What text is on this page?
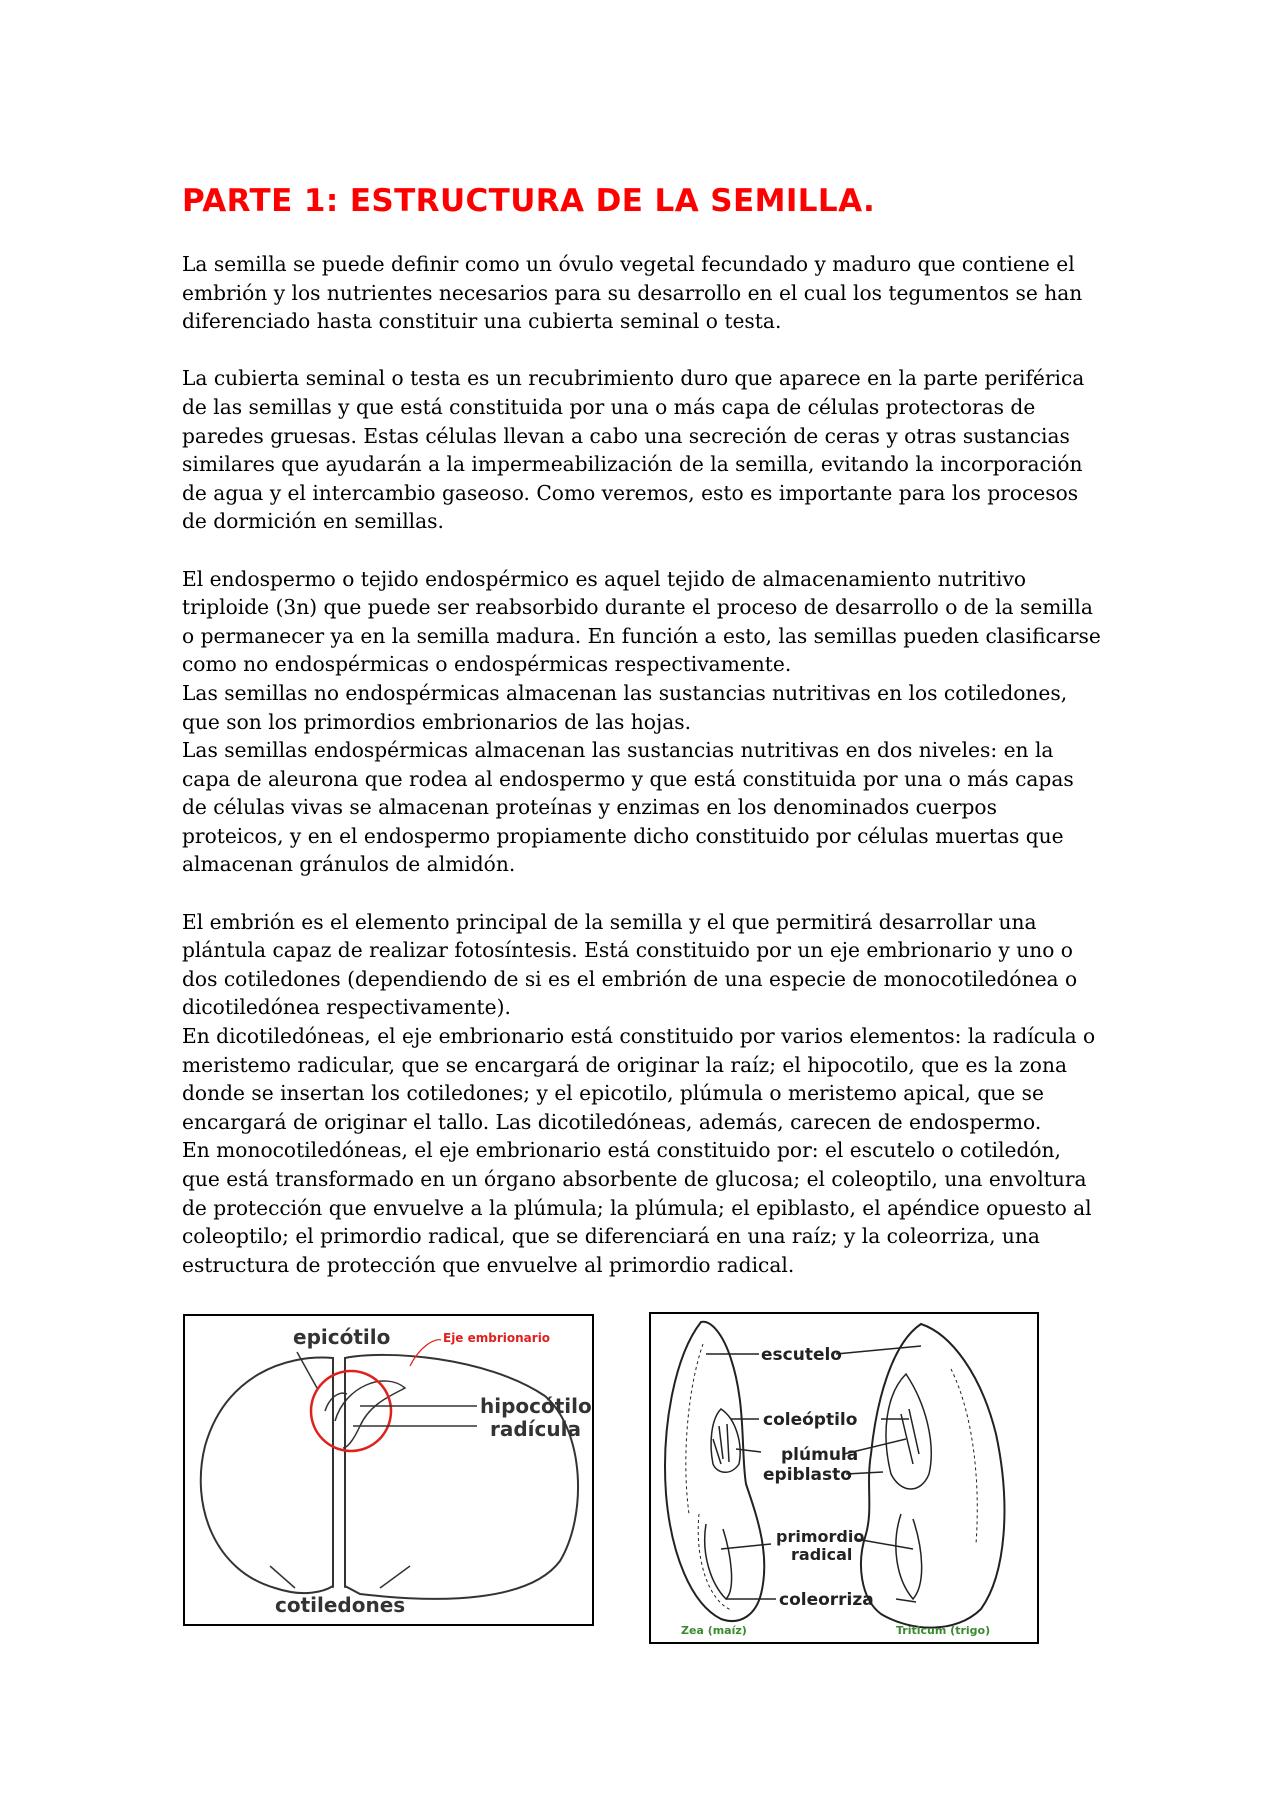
PARTE 1: ESTRUCTURA DE LA SEMILLA.

La semilla se puede definir como un óvulo vegetal fecundado y maduro que contiene el embrión y los nutrientes necesarios para su desarrollo en el cual los tegumentos se han diferenciado hasta constituir una cubierta seminal o testa.

La cubierta seminal o testa es un recubrimiento duro que aparece en la parte periférica de las semillas y que está constituida por una o más capa de células protectoras de paredes gruesas. Estas células llevan a cabo una secreción de ceras y otras sustancias similares que ayudarán a la impermeabilización de la semilla, evitando la incorporación de agua y el intercambio gaseoso. Como veremos, esto es importante para los procesos de dormición en semillas.

El endospermo o tejido endospérmico es aquel tejido de almacenamiento nutritivo triploide (3n) que puede ser reabsorbido durante el proceso de desarrollo o de la semilla o permanecer ya en la semilla madura. En función a esto, las semillas pueden clasificarse como no endospérmicas o endospérmicas respectivamente.

Las semillas no endospérmicas almacenan las sustancias nutritivas en los cotiledones, que son los primordios embrionarios de las hojas.

Las semillas endospérmicas almacenan las sustancias nutritivas en dos niveles: en la capa de aleurona que rodea al endospermo y que está constituida por una o más capas de células vivas se almacenan proteínas y enzimas en los denominados cuerpos proteicos, y en el endospermo propiamente dicho constituido por células muertas que almacenan gránulos de almidón.

El embrión es el elemento principal de la semilla y el que permitirá desarrollar una plántula capaz de realizar fotosíntesis. Está constituido por un eje embrionario y uno o dos cotiledones (dependiendo de si es el embrión de una especie de monocotiledónea o dicotiledónea respectivamente).

En dicotiledóneas, el eje embrionario está constituido por varios elementos: la radícula o meristemo radicular, que se encargará de originar la raíz; el hipocotilo, que es la zona donde se insertan los cotiledones; y el epicotilo, plúmula o meristemo apical, que se encargará de originar el tallo. Las dicotiledóneas, además, carecen de endospermo.

En monocotiledóneas, el eje embrionario está constituido por: el escutelo o cotiledón, que está transformado en un órgano absorbente de glucosa; el coleoptilo, una envoltura de protección que envuelve a la plúmula; la plúmula; el epiblasto, el apéndice opuesto al coleoptilo; el primordio radical, que se diferenciará en una raíz; y la coleorriza, una estructura de protección que envuelve al primordio radical.

epicótilo	Eje embrionario
hipocótilo
radícula
cotiledones
escutelo
coleóptilo
plúmula
epiblasto
primordio
radical
coleorriza
Zea (maíz)	Triticum (trigo)
